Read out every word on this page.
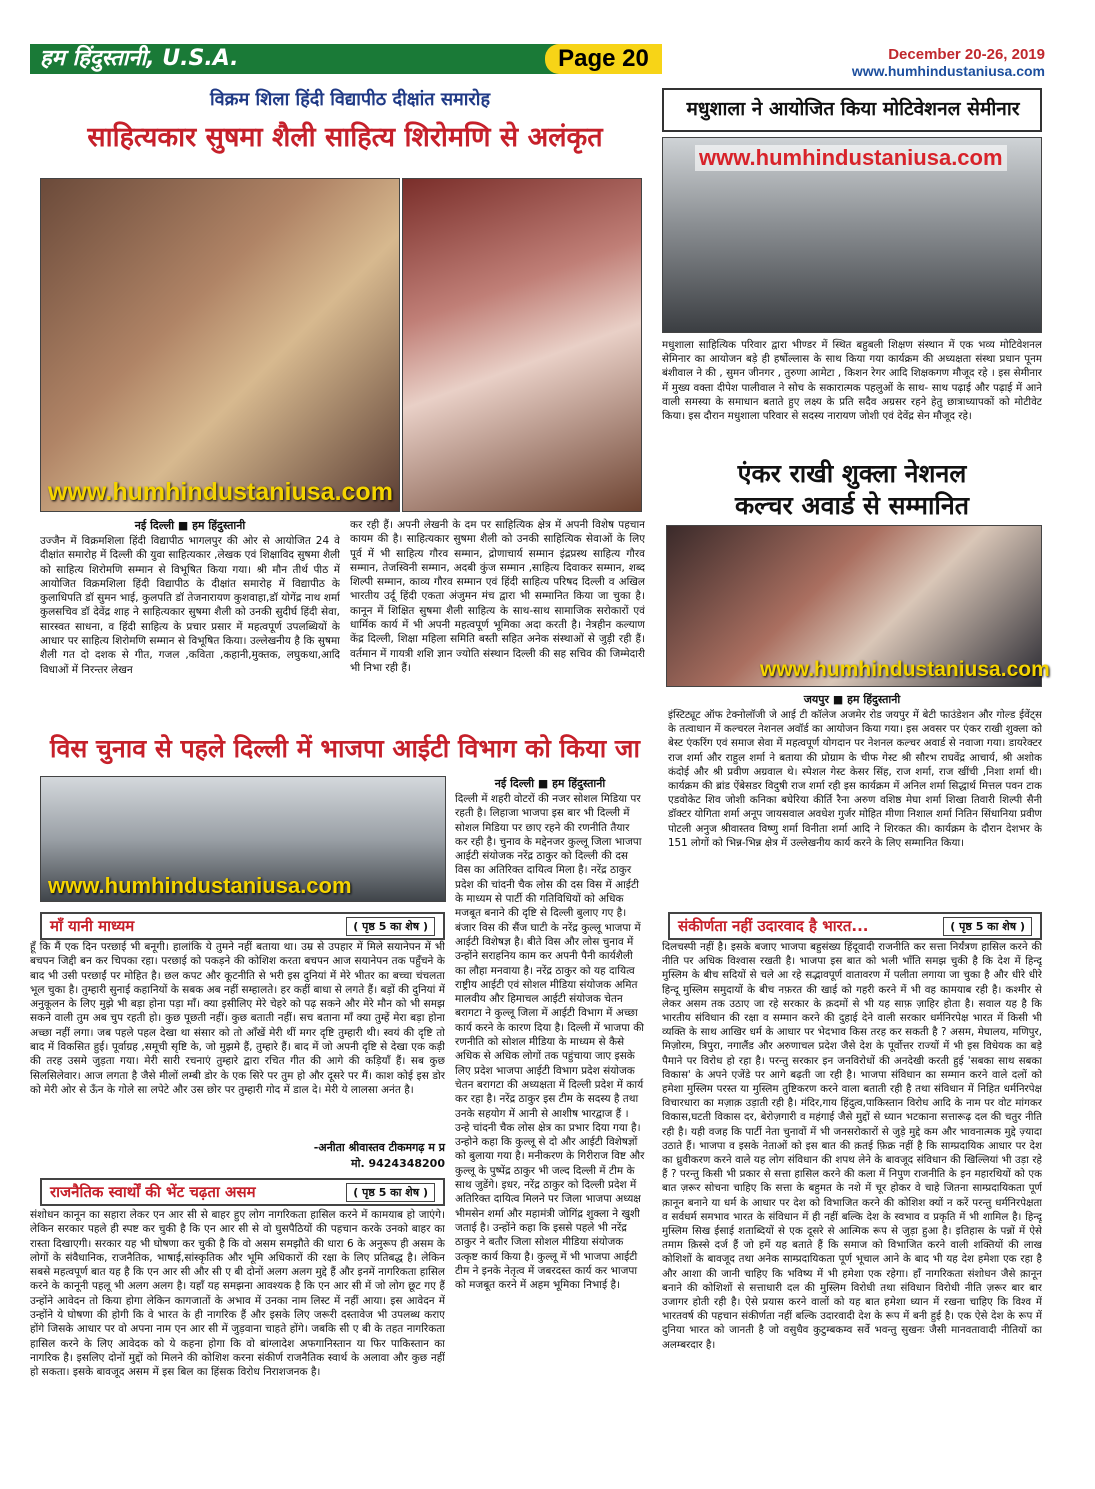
हम हिंदुस्तानी, U.S.A.	Page 20	December 20-26, 2019
www.humhindustaniusa.com
विक्रम शिला हिंदी विद्यापीठ दीक्षांत समारोह
साहित्यकार सुषमा शैली साहित्य शिरोमणि से अलंकृत
www.humhindustaniusa.com
नई दिल्ली ■ हम हिंदुस्तानी
उज्जैन में विक्रमशिला हिंदी विद्यापीठ भागलपुर की ओर से आयोजित 24 वे दीक्षांत समारोह में दिल्ली की युवा साहित्यकार ,लेखक एवं शिक्षाविद सुषमा शैली को साहित्य शिरोमणि सम्मान से विभूषित किया गया। श्री मौन तीर्थ पीठ में आयोजित विक्रमशिला हिंदी विद्यापीठ के दीक्षांत समारोह में विद्यापीठ के कुलाधिपति डॉ सुमन भाई, कुलपति डॉ तेजनारायण कुशवाहा,डॉ योगेंद्र नाथ शर्मा कुलसचिव डॉ देवेंद्र शाह ने साहित्यकार सुषमा शैली को उनकी सुदीर्घ हिंदी सेवा, सारस्वत साधना, व हिंदी साहित्य के प्रचार प्रसार में महत्वपूर्ण उपलब्धियों के आधार पर साहित्य शिरोमणि सम्मान से विभूषित किया। उल्लेखनीय है कि सुषमा शैली गत दो दशक से गीत, गजल ,कविता ,कहानी,मुक्तक, लघुकथा,आदि विधाओं में निरन्तर लेखन
कर रही हैं। अपनी लेखनी के दम पर साहित्यिक क्षेत्र में अपनी विशेष पहचान कायम की है। साहित्यकार सुषमा शैली को उनकी साहित्यिक सेवाओं के लिए पूर्व में भी साहित्य गौरव सम्मान, द्रोणाचार्य सम्मान इंद्रप्रस्थ साहित्य गौरव सम्मान, तेजस्विनी सम्मान, अदबी कुंज सम्मान ,साहित्य दिवाकर सम्मान, शब्द शिल्पी सम्मान, काव्य गौरव सम्मान एवं हिंदी साहित्य परिषद दिल्ली व अखिल भारतीय उर्दू हिंदी एकता अंजुमन मंच द्वारा भी सम्मानित किया जा चुका है। कानून में शिक्षित सुषमा शैली साहित्य के साथ-साथ सामाजिक सरोकारों एवं धार्मिक कार्य में भी अपनी महत्वपूर्ण भूमिका अदा करती है। नेत्रहीन कल्याण केंद्र दिल्ली, शिक्षा महिला समिति बस्ती सहित अनेक संस्थाओं से जुड़ी रही हैं। वर्तमान में गायत्री शशि ज्ञान ज्योति संस्थान दिल्ली की सह सचिव की जिम्मेदारी भी निभा रही हैं।
मधुशाला ने आयोजित किया मोटिवेशनल सेमीनार
www.humhindustaniusa.com
मधुशाला साहित्यिक परिवार द्वारा भीण्डर में स्थित बहुबली शिक्षण संस्थान में एक भव्य मोटिवेशनल सेमिनार का आयोजन बड़े ही हर्षोल्लास के साथ किया गया कार्यक्रम की अध्यक्षता संस्था प्रधान पूनम बंशीवाल ने की , सुमन जीनगर , तुरुणा आमेटा , किशन रेगर आदि शिक्षकगण मौजूद रहे । इस सेमीनार में मुख्य वक्ता दीपेश पालीवाल ने सोच के सकारात्मक पहलुओं के साथ- साथ पढ़ाई और पढ़ाई में आने वाली समस्या के समाधान बताते हुए लक्ष्य के प्रति सदैव अग्रसर रहने हेतु छात्राध्यापकों को मोटीवेट किया। इस दौरान मधुशाला परिवार से सदस्य नारायण जोशी एवं देवेंद्र सेन मौजूद रहे।
एंकर राखी शुक्ला नेशनल
कल्चर अवार्ड से सम्मानित
www.humhindustaniusa.com
जयपुर ■ हम हिंदुस्तानी
इंस्टिट्यूट ऑफ टेक्नोलॉजी जे आई टी कॉलेज अजमेर रोड जयपुर में बेटी फाउंडेशन और गोल्ड ईवेंट्स के तत्वाधान में कल्चरल नेशनल अवॉर्ड का आयोजन किया गया। इस अवसर पर एंकर राखी शुक्ला को बेस्ट एंकरिंग एवं समाज सेवा में महत्वपूर्ण योगदान पर नेशनल कल्चर अवार्ड से नवाजा गया। डायरेक्टर राज शर्मा और राहुल शर्मा ने बताया की प्रोग्राम के चीफ गेस्ट श्री सौरभ राघवेंद्र आचार्य, श्री अशोक कंदोई और श्री प्रवीण अग्रवाल थे। स्पेशल गेस्ट केसर सिंह, राज शर्मा, राज खींची ,निशा शर्मा थी। कार्यक्रम की ब्रांड ऐंबेसडर विदुषी राज शर्मा रही इस कार्यक्रम में अनिल शर्मा सिद्धार्थ मित्तल पवन टाक एडवोकेट शिव जोशी कनिका बघेरिया कीर्ति रैना अरुण वशिष्ठ मेघा शर्मा शिखा तिवारी शिल्पी सैनी डॉक्टर योगिता शर्मा अनूप जायसवाल अवधेश गुर्जर मोहित मीणा निशाल शर्मा नितिन सिंधानिया प्रवीण पोटली अनुज श्रीवास्तव विष्णु शर्मा विनीता शर्मा आदि ने शिरकत की। कार्यक्रम के दौरान देशभर के 151 लोगों को भिन्न-भिन्न क्षेत्र में उल्लेखनीय कार्य करने के लिए सम्मानित किया।
विस चुनाव से पहले दिल्ली में भाजपा आईटी विभाग को किया जा
www.humhindustaniusa.com
नई दिल्ली ■ हम हिंदुस्तानी
दिल्ली में शहरी वोटरों की नजर सोशल मिडिया पर रहती है। लिहाजा भाजपा इस बार भी दिल्ली में सोशल मिडिया पर छाए रहने की रणनीति तैयार कर रही है। चुनाव के मद्देनजर कुल्लू जिला भाजपा आईटी संयोजक नरेंद्र ठाकुर को दिल्ली की दस विस का अतिरिक्त दायित्व मिला है। नरेंद्र ठाकुर प्रदेश की चांदनी चैक लोस की दस विस में आईटी के माध्यम से पार्टी की गतिविधियों को अधिक मजबूत बनाने की दृष्टि से दिल्ली बुलाए गए है। बंजार विस की सैंज घाटी के नरेंद्र कुल्लू भाजपा में आईटी विशेषज्ञ है। बीते विस और लोस चुनाव में उन्होंने सराहनिय काम कर अपनी पैनी कार्यशैली का लौहा मनवाया है। नरेंद्र ठाकुर को यह दायित्व राष्ट्रीय आईटी एवं सोशल मीडिया संयोजक अमित मालवीय और हिमाचल आईटी संयोजक चेतन बरागटा ने कुल्लू जिला में आईटी विभाग में अच्छा कार्य करने के कारण दिया है। दिल्ली में भाजपा की रणनीति को सोशल मीडिया के माध्यम से कैसे अधिक से अधिक लोगों तक पहुंचाया जाए इसके लिए प्रदेश भाजपा आईटी विभाग प्रदेश संयोजक चेतन बरागटा की अध्यक्षता में दिल्ली प्रदेश में कार्य कर रहा है। नरेंद्र ठाकुर इस टीम के सदस्य है तथा उनके सहयोग में आनी से आशीष भारद्वाज हैं । उन्हे चांदनी चैक लोस क्षेत्र का प्रभार दिया गया है। उन्होने कहा कि कुल्लू से दो और आईटी विशेषज्ञों को बुलाया गया है। मनीकरण के गिरीराज विष्ट और कुल्लू के पुष्पेंद्र ठाकुर भी जल्द दिल्ली में टीम के साथ जुडेंगे। इधर, नरेंद्र ठाकुर को दिल्ली प्रदेश में अतिरिक्त दायित्व मिलने पर जिला भाजपा अध्यक्ष भीमसेन शर्मा और महामंत्री जोगिंद्र शुक्ला ने खुशी जताई है। उन्होंने कहा कि इससे पहले भी नरेंद्र ठाकुर ने बतौर जिला सोशल मीडिया संयोजक उत्कृष्ट कार्य किया है। कुल्लू में भी भाजपा आईटी टीम ने इनके नेतृत्व में जबरदस्त कार्य कर भाजपा को मजबूत करने में अहम भूमिका निभाई है।
माँ यानी माध्यम	( पृष्ठ 5 का शेष )
हूँ कि मैं एक दिन परछाई भी बनूगी। हालांकि ये तुमने नहीं बताया था। उम्र से उपहार में मिले सयानेपन में भी बचपन जिद्दी बन कर चिपका रहा। परछाई को पकड़ने की कोशिश करता बचपन आज सयानेपन तक पहुँचने के बाद भी उसी परछाईं पर मोहित है। छल कपट और कूटनीति से भरी इस दुनियां में मेरे भीतर का बच्चा चंचलता भूल चुका है। तुम्हारी सुनाई कहानियों के सबक अब नहीं सम्हालते। हर कहीं बाधा से लगते हैं। बड़ों की दुनियां में अनुकूलन के लिए मुझे भी बड़ा होना पड़ा माँ। क्या इसीलिए मेरे चेहरे को पढ़ सकने और मेरे मौन को भी समझ सकने वाली तुम अब चुप रहती हो। कुछ पूछती नहीं। कुछ बताती नहीं। सच बताना माँ क्या तुम्हें मेरा बड़ा होना अच्छा नहीं लगा। जब पहले पहल देखा था संसार को तो आँखें मेरी थीं मगर दृष्टि तुम्हारी थी। स्वयं की दृष्टि तो बाद में विकसित हुई। पूर्वाग्रह ,समूची सृष्टि के, जो मुझमे हैं, तुम्हारे हैं। बाद में जो अपनी दृष्टि से देखा एक कड़ी की तरह उसमे जुड़ता गया। मेरी सारी रचनाएं तुम्हारे द्वारा रचित गीत की आगे की कड़ियाँ हैं। सब कुछ सिलसिलेवार। आज लगता है जैसे मीलों लम्बी डोर के एक सिरे पर तुम हो और दूसरे पर मैं। काश कोई इस डोर को मेरी ओर से ऊँन के गोले सा लपेटे और उस छोर पर तुम्हारी गोद में डाल दे। मेरी ये लालसा अनंत है।
-अनीता श्रीवास्तव टीकमगढ़ म प्र
मो. 9424348200
राजनैतिक स्वार्थों की भेंट चढ़ता असम	( पृष्ठ 5 का शेष )
संशोधन कानून का सहारा लेकर एन आर सी से बाहर हुए लोग नागरिकता हासिल करने में कामयाब हो जाएंगे। लेकिन सरकार पहले ही स्पष्ट कर चुकी है कि एन आर सी से वो घुसपैठियों की पहचान करके उनको बाहर का रास्ता दिखाएगी। सरकार यह भी घोषणा कर चुकी है कि वो असम समझौते की धारा 6 के अनुरूप ही असम के लोगों के संवैधानिक, राजनैतिक, भाषाई,सांस्कृतिक और भूमि अधिकारों की रक्षा के लिए प्रतिबद्ध है। लेकिन सबसे महत्वपूर्ण बात यह है कि एन आर सी और सी ए बी दोनों अलग अलग मुद्दे हैं और इनमें नागरिकता हासिल करने के कानूनी पहलू भी अलग अलग है। यहाँ यह समझना आवश्यक है कि एन आर सी में जो लोग छूट गए हैं उन्होंने आवेदन तो किया होगा लेकिन कागजातों के अभाव में उनका नाम लिस्ट में नहीं आया। इस आवेदन में उन्होंने ये घोषणा की होगी कि वे भारत के ही नागरिक हैं और इसके लिए जरूरी दस्तावेज भी उपलब्ध कराए होंगे जिसके आधार पर वो अपना नाम एन आर सी में जुड़वाना चाहते होंगे। जबकि सी ए बी के तहत नागरिकता हासिल करने के लिए आवेदक को ये कहना होगा कि वो बांग्लादेश अफगानिस्तान या फिर पाकिस्तान का नागरिक है। इसलिए दोनों मुद्दों को मिलने की कोशिश करना संकीर्ण राजनैतिक स्वार्थ के अलावा और कुछ नहीं हो सकता। इसके बावजूद असम में इस बिल का हिंसक विरोध निराशजनक है।
संकीर्णता नहीं उदारवाद है भारत...	( पृष्ठ 5 का शेष )
दिलचस्पी नहीं है। इसके बजाए भाजपा बहुसंख्य हिंदूवादी राजनीति कर सत्ता निर्यंत्रण हासिल करने की नीति पर अधिक विश्वास रखती है। भाजपा इस बात को भली भाँति समझ चुकी है कि देश में हिन्दू मुस्लिम के बीच सदियों से चले आ रहे सद्भावपूर्ण वातावरण में पलीता लगाया जा चुका है और धीरे धीरे हिन्दू मुस्लिम समुदायों के बीच नफ़रत की खाई को गहरी करने में भी वह कामयाब रही है। कश्मीर से लेकर असम तक उठाए जा रहे सरकार के क़दमों से भी यह साफ़ ज़ाहिर होता है। सवाल यह है कि भारतीय संविधान की रक्षा व सम्मान करने की दुहाई देने वाली सरकार धर्मनिरपेक्ष भारत में किसी भी व्यक्ति के साथ आखिर धर्म के आधार पर भेदभाव किस तरह कर सकती है ? असम, मेघालय, मणिपुर, मिज़ोरम, त्रिपुरा, नगालैंड और अरुणाचल प्रदेश जैसे देश के पूर्वोत्तर राज्यों में भी इस विधेयक का बड़े पैमाने पर विरोध हो रहा है। परन्तु सरकार इन जनविरोधों की अनदेखी करती हुई 'सबका साथ सबका विकास' के अपने एजेंडे पर आगे बढ़ती जा रही है। भाजपा संविधान का सम्मान करने वाले दलों को हमेशा मुस्लिम परस्त या मुस्लिम तुष्टिकरण करने वाला बताती रही है तथा संविधान में निहित धर्मनिरपेक्ष विचारधारा का मज़ाक़ उड़ाती रही है। मंदिर,गाय हिंदुत्व,पाकिस्तान विरोध आदि के नाम पर वोट मांगकर विकास,घटती विकास दर, बेरोज़गारी व महंगाई जैसे मुद्दों से ध्यान भटकाना सत्तारूढ़ दल की चतुर नीति रही है। यही वजह कि पार्टी नेता चुनावों में भी जनसरोकारों से जुड़े मुद्दे कम और भावनात्मक मुद्दे ज़्यादा उठाते हैं। भाजपा व इसके नेताओं को इस बात की क़तई फ़िक्र नहीं है कि साम्प्रदायिक आधार पर देश का ध्रुवीकरण करने वाले यह लोग संविधान की शपथ लेने के बावजूद संविधान की खिल्लियां भी उड़ा रहे हैं ? परन्तु किसी भी प्रकार से सत्ता हासिल करने की कला में निपुण राजनीति के इन महारथियों को एक बात ज़रूर सोचना चाहिए कि सत्ता के बहुमत के नशे में चूर होकर वे चाहे जितना साम्प्रदायिकता पूर्ण क़ानून बनाने या धर्म के आधार पर देश को विभाजित करने की कोशिश क्यों न करें परन्तु धर्मनिरपेक्षता व सर्वधर्म समभाव भारत के संविधान में ही नहीं बल्कि देश के स्वभाव व प्रकृति में भी शामिल है। हिन्दू मुस्लिम सिख ईसाई शताब्दियों से एक दूसरे से आत्मिक रूप से जुड़ा हुआ है। इतिहास के पन्नों में ऐसे तमाम क़िस्से दर्ज हैं जो हमें यह बताते हैं कि समाज को विभाजित करने वाली शक्तियों की लाख कोशिशों के बावजूद तथा अनेक साम्प्रदायिकता पूर्ण भूचाल आने के बाद भी यह देश हमेशा एक रहा है और आशा की जानी चाहिए कि भविष्य में भी हमेशा एक रहेगा। हाँ नागरिकता संशोधन जैसे क़ानून बनाने की कोशिशों से सत्ताधारी दल की मुस्लिम विरोधी तथा संविधान विरोधी नीति ज़रूर बार बार उजागर होती रही है। ऐसे प्रयास करने वालों को यह बात हमेशा ध्यान में रखना चाहिए कि विश्व में भारतवर्ष की पहचान संकीर्णता नहीं बल्कि उदारवादी देश के रूप में बनी हुई है। एक ऐसे देश के रूप में दुनिया भारत को जानती है जो वसुधैव कुटुम्बकम्व सर्वे भवन्तु सुखनः जैसी मानवतावादी नीतियों का अलम्बरदार है।
